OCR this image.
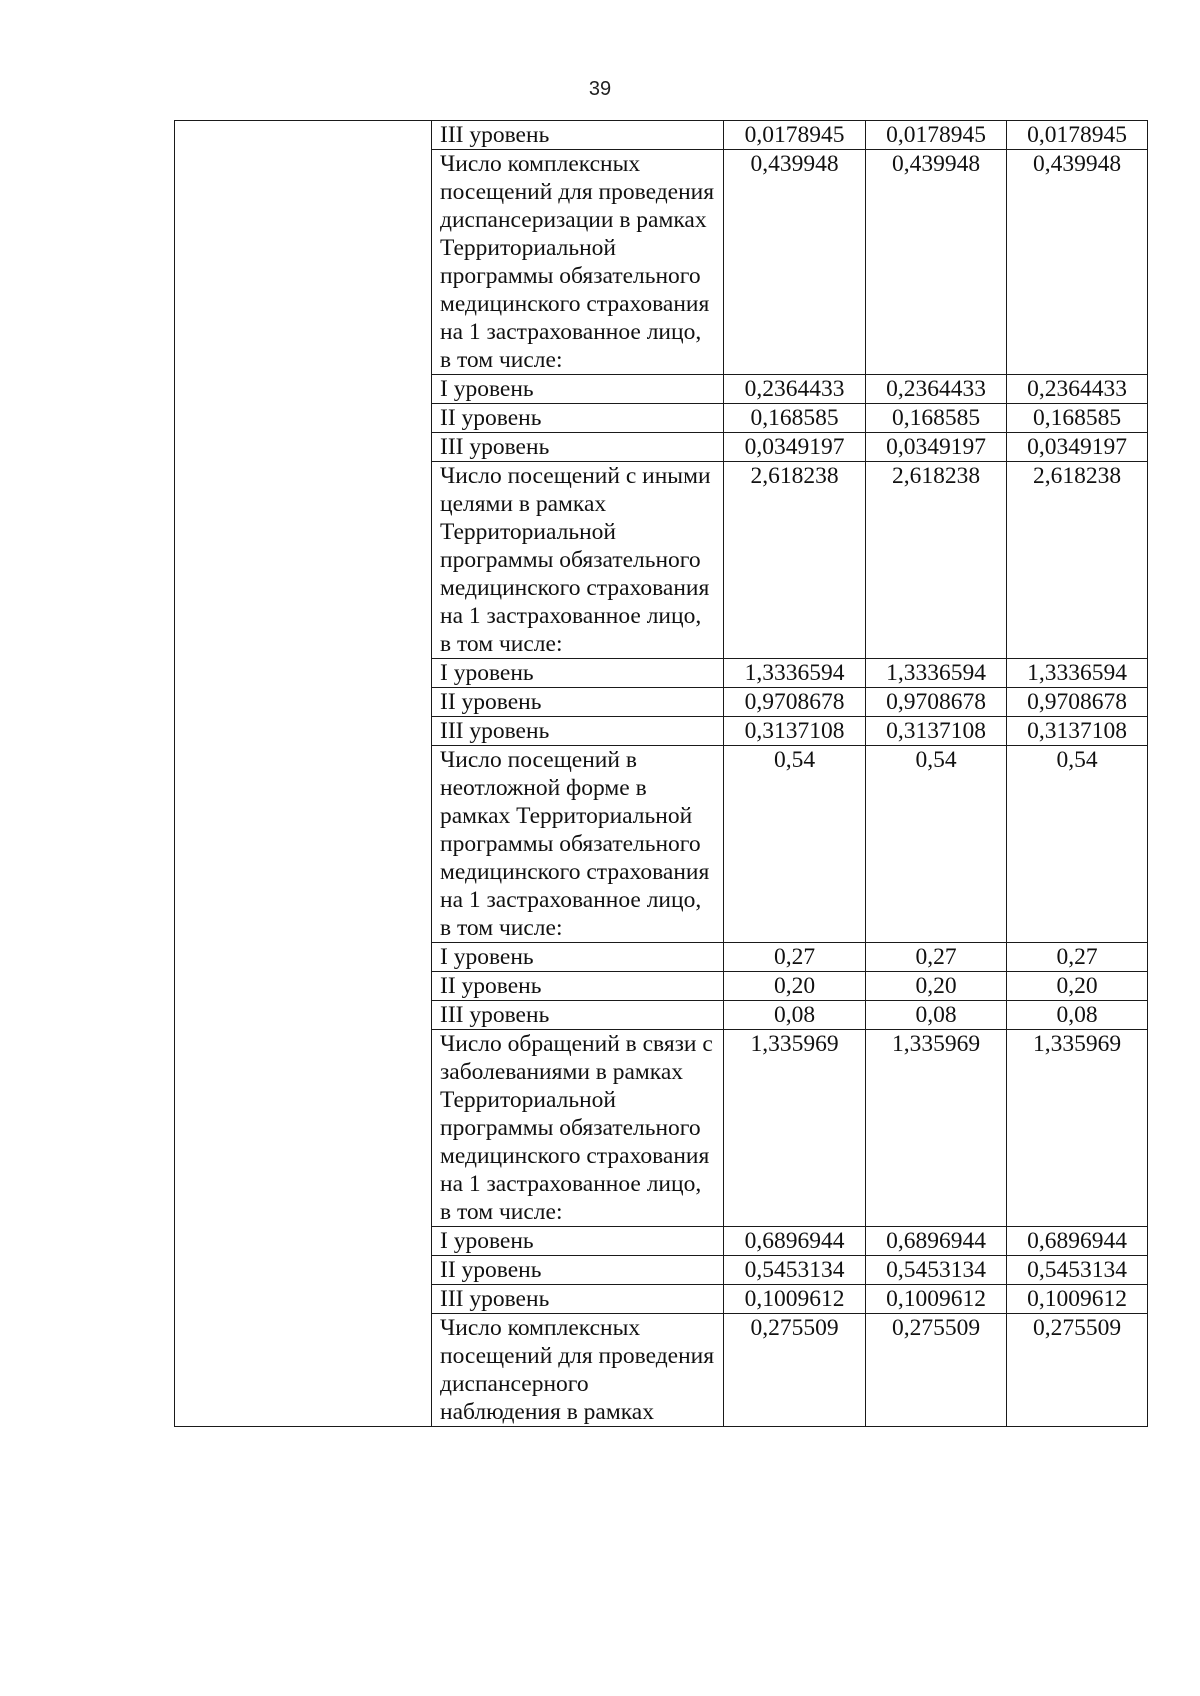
39
	III уровень	0,0178945	0,0178945	0,0178945
	Число комплексных посещений для проведения диспансеризации в рамках Территориальной программы обязательного медицинского страхования на 1 застрахованное лицо, в том числе:	0,439948	0,439948	0,439948
	I уровень	0,2364433	0,2364433	0,2364433
	II уровень	0,168585	0,168585	0,168585
	III уровень	0,0349197	0,0349197	0,0349197
	Число посещений с иными целями в рамках Территориальной программы обязательного медицинского страхования на 1 застрахованное лицо, в том числе:	2,618238	2,618238	2,618238
	I уровень	1,3336594	1,3336594	1,3336594
	II уровень	0,9708678	0,9708678	0,9708678
	III уровень	0,3137108	0,3137108	0,3137108
	Число посещений в неотложной форме в рамках Территориальной программы обязательного медицинского страхования на 1 застрахованное лицо, в том числе:	0,54	0,54	0,54
	I уровень	0,27	0,27	0,27
	II уровень	0,20	0,20	0,20
	III уровень	0,08	0,08	0,08
	Число обращений в связи с заболеваниями в рамках Территориальной программы обязательного медицинского страхования на 1 застрахованное лицо, в том числе:	1,335969	1,335969	1,335969
	I уровень	0,6896944	0,6896944	0,6896944
	II уровень	0,5453134	0,5453134	0,5453134
	III уровень	0,1009612	0,1009612	0,1009612
	Число комплексных посещений для проведения диспансерного наблюдения в рамках	0,275509	0,275509	0,275509
